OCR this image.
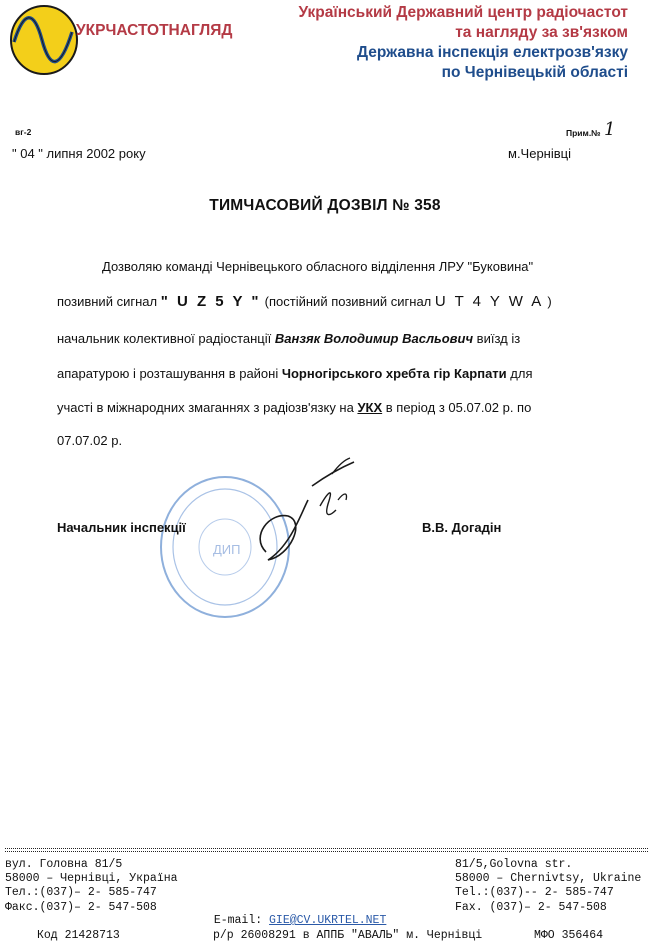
УКРЧАСТОТНАГЛЯД
Український Державний центр радіочастот
та нагляду за зв'язком
Державна інспекція електрозв'язку
по Чернівецькій області
вг-2	Прим.№ 1
" 04 " липня 2002 року	м.Чернівці
ТИМЧАСОВИЙ ДОЗВІЛ № 358
Дозволяю команді Чернівецького обласного відділення ЛРУ "Буковина"
позивний сигнал " U Z 5 Y " (постійний позивний сигнал U T 4 Y W A )
начальник колективної радіостанції Ванзяк Володимир Васльович виїзд із
апаратурою і розташування в районі Чорногірського хребта гір Карпати для
участі в міжнародних змаганнях з радіозв'язку на УКХ в період з 05.07.02 р. по
07.07.02 р.
ДИП
Начальник інспекції	В.В. Догадін
вул. Головна 81/5
58000 – Чернівці, Україна
Тел.:(037)– 2- 585-747
Факс.(037)– 2- 547-508

E-mail: GIE@CV.UKRTEL.NET

81/5,Golovna str.
58000 – Chernivtsy, Ukraine
Tel.:(037)-- 2- 585-747
Fax. (037)– 2- 547-508
Код 21428713	р/р 26008291 в АППБ "АВАЛЬ" м. Чернівці	МФО 356464
